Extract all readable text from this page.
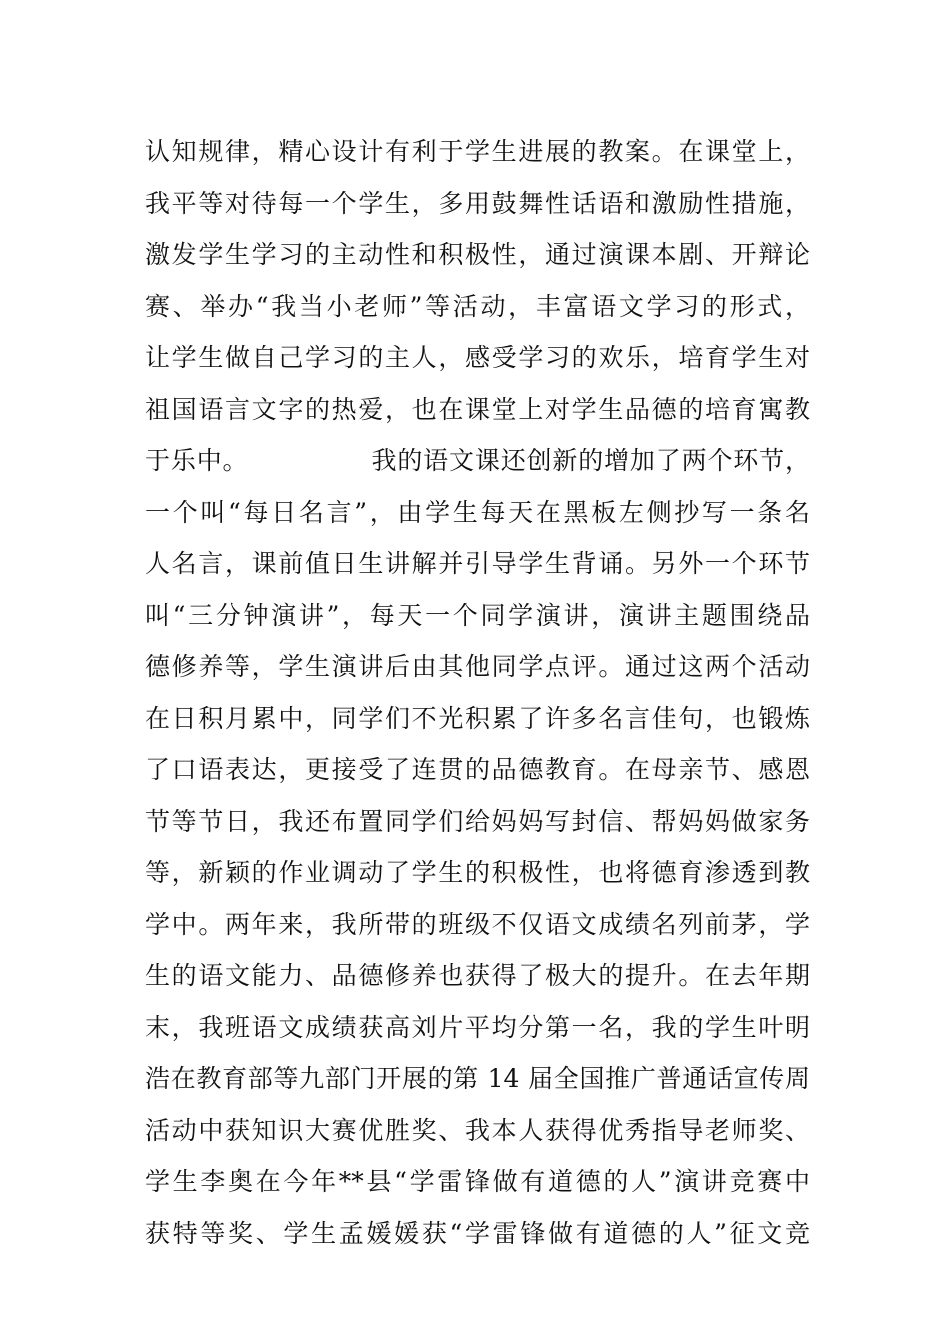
认知规律，精心设计有利于学生进展的教案。在课堂上，
我平等对待每一个学生，多用鼓舞性话语和激励性措施，
激发学生学习的主动性和积极性，通过演课本剧、开辩论
赛、举办“我当小老师”等活动，丰富语文学习的形式，
让学生做自己学习的主人，感受学习的欢乐，培育学生对
祖国语言文字的热爱，也在课堂上对学生品德的培育寓教
于乐中。              我的语文课还创新的增加了两个环节，
一个叫“每日名言”，由学生每天在黑板左侧抄写一条名
人名言，课前值日生讲解并引导学生背诵。另外一个环节
叫“三分钟演讲”，每天一个同学演讲，演讲主题围绕品
德修养等，学生演讲后由其他同学点评。通过这两个活动
在日积月累中，同学们不光积累了许多名言佳句，也锻炼
了口语表达，更接受了连贯的品德教育。在母亲节、感恩
节等节日，我还布置同学们给妈妈写封信、帮妈妈做家务
等，新颖的作业调动了学生的积极性，也将德育渗透到教
学中。两年来，我所带的班级不仅语文成绩名列前茅，学
生的语文能力、品德修养也获得了极大的提升。在去年期
末，我班语文成绩获高刘片平均分第一名，我的学生叶明
浩在教育部等九部门开展的第 14 届全国推广普通话宣传周
活动中获知识大赛优胜奖、我本人获得优秀指导老师奖、
学生李奥在今年**县“学雷锋做有道德的人”演讲竞赛中
获特等奖、学生孟媛媛获“学雷锋做有道德的人”征文竞
